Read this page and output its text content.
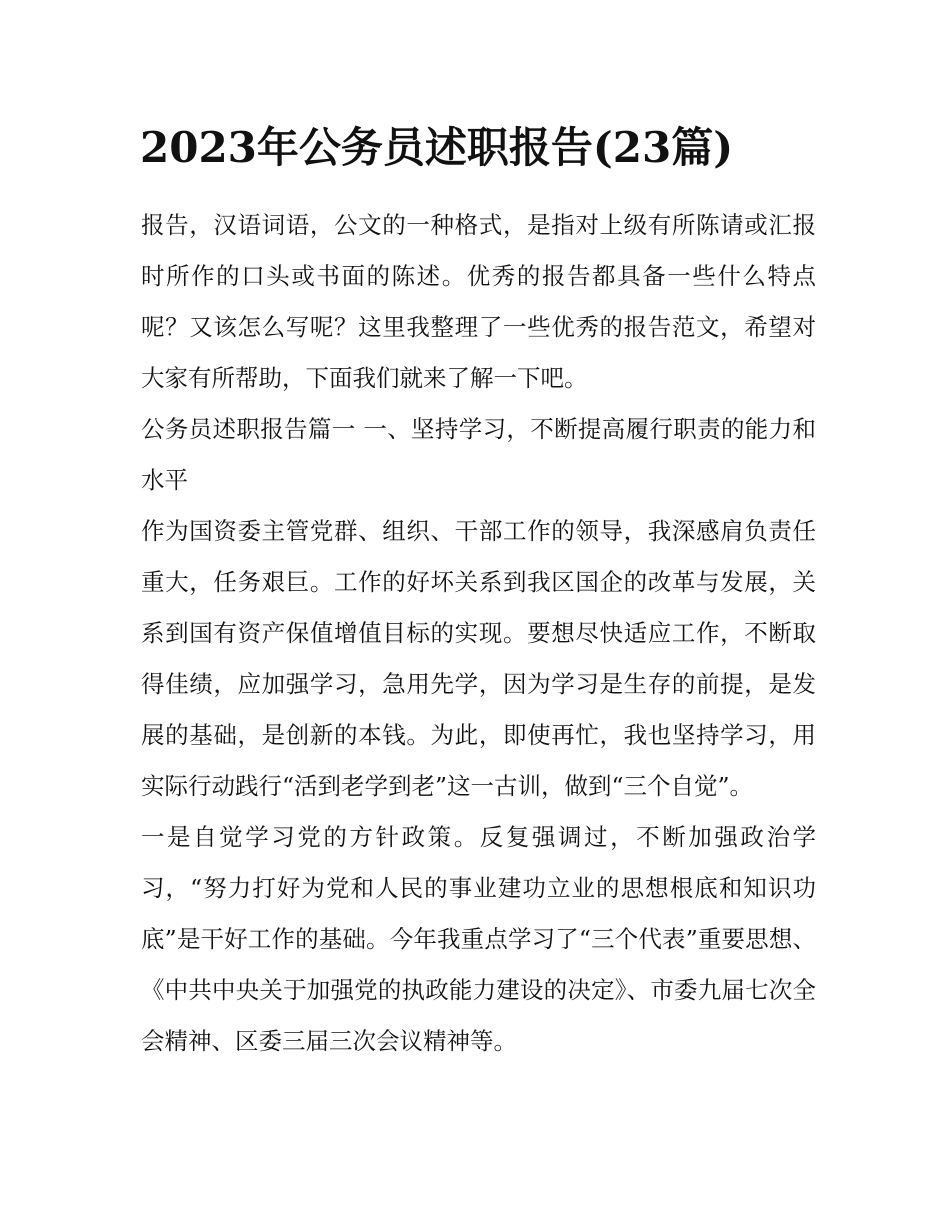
2023年公务员述职报告(23篇)

报告，汉语词语，公文的一种格式，是指对上级有所陈请或汇报时所作的口头或书面的陈述。优秀的报告都具备一些什么特点呢？又该怎么写呢？这里我整理了一些优秀的报告范文，希望对大家有所帮助，下面我们就来了解一下吧。

公务员述职报告篇一 一、坚持学习，不断提高履行职责的能力和水平

作为国资委主管党群、组织、干部工作的领导，我深感肩负责任重大，任务艰巨。工作的好坏关系到我区国企的改革与发展，关系到国有资产保值增值目标的实现。要想尽快适应工作，不断取得佳绩，应加强学习，急用先学，因为学习是生存的前提，是发展的基础，是创新的本钱。为此，即使再忙，我也坚持学习，用实际行动践行“活到老学到老”这一古训，做到“三个自觉”。

一是自觉学习党的方针政策。反复强调过，不断加强政治学习，“努力打好为党和人民的事业建功立业的思想根底和知识功底”是干好工作的基础。今年我重点学习了“三个代表”重要思想、《中共中央关于加强党的执政能力建设的决定》、市委九届七次全会精神、区委三届三次会议精神等。
